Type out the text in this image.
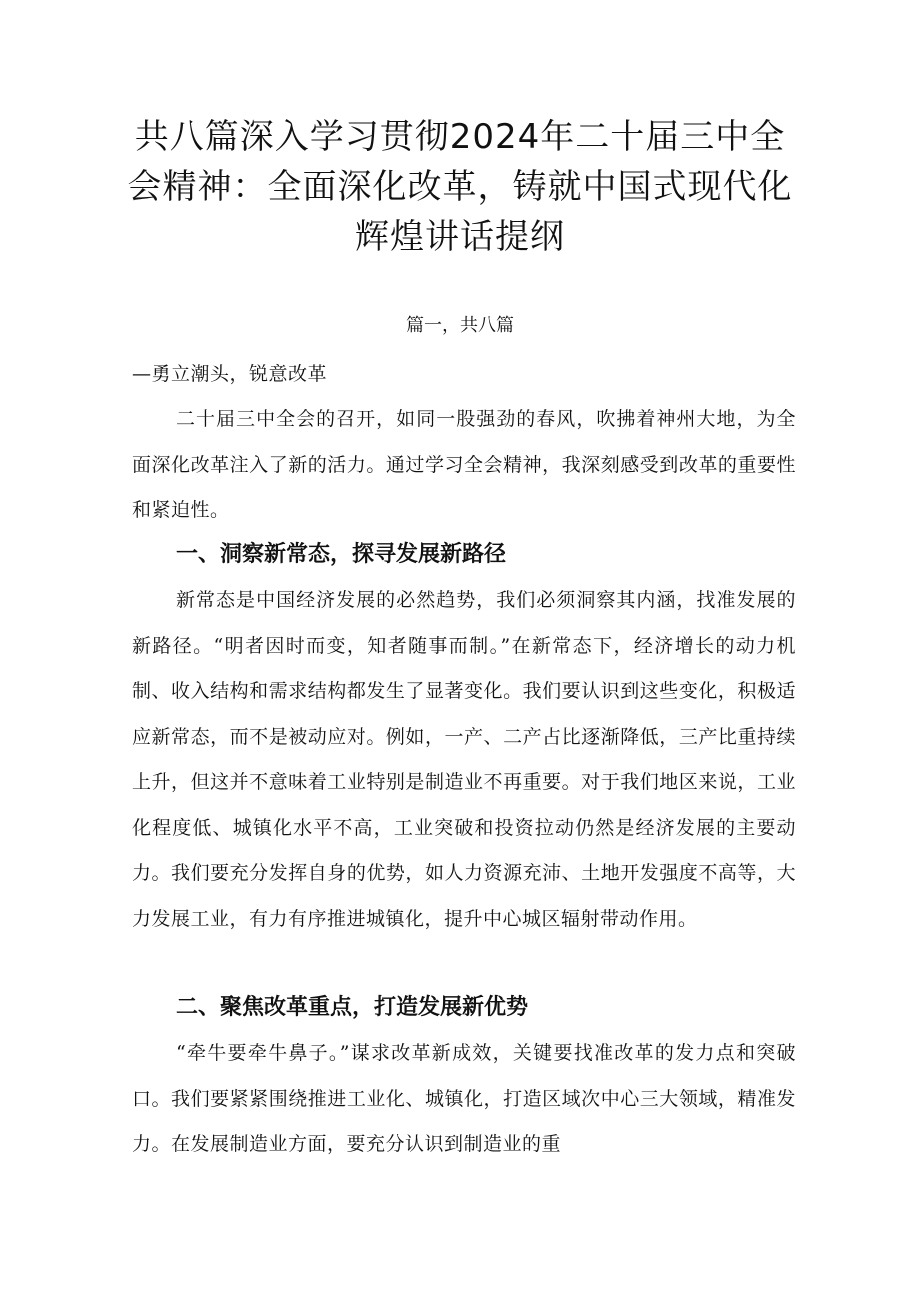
共八篇深入学习贯彻2024年二十届三中全
会精神：全面深化改革，铸就中国式现代化
辉煌讲话提纲

篇一，共八篇

—勇立潮头，锐意改革

二十届三中全会的召开，如同一股强劲的春风，吹拂着神州大地，为全面深化改革注入了新的活力。通过学习全会精神，我深刻感受到改革的重要性和紧迫性。

一、洞察新常态，探寻发展新路径

新常态是中国经济发展的必然趋势，我们必须洞察其内涵，找准发展的新路径。“明者因时而变，知者随事而制。”在新常态下，经济增长的动力机制、收入结构和需求结构都发生了显著变化。我们要认识到这些变化，积极适应新常态，而不是被动应对。例如，一产、二产占比逐渐降低，三产比重持续上升，但这并不意味着工业特别是制造业不再重要。对于我们地区来说，工业化程度低、城镇化水平不高，工业突破和投资拉动仍然是经济发展的主要动力。我们要充分发挥自身的优势，如人力资源充沛、土地开发强度不高等，大力发展工业，有力有序推进城镇化，提升中心城区辐射带动作用。

二、聚焦改革重点，打造发展新优势

“牵牛要牵牛鼻子。”谋求改革新成效，关键要找准改革的发力点和突破口。我们要紧紧围绕推进工业化、城镇化，打造区域次中心三大领域，精准发力。在发展制造业方面，要充分认识到制造业的重
